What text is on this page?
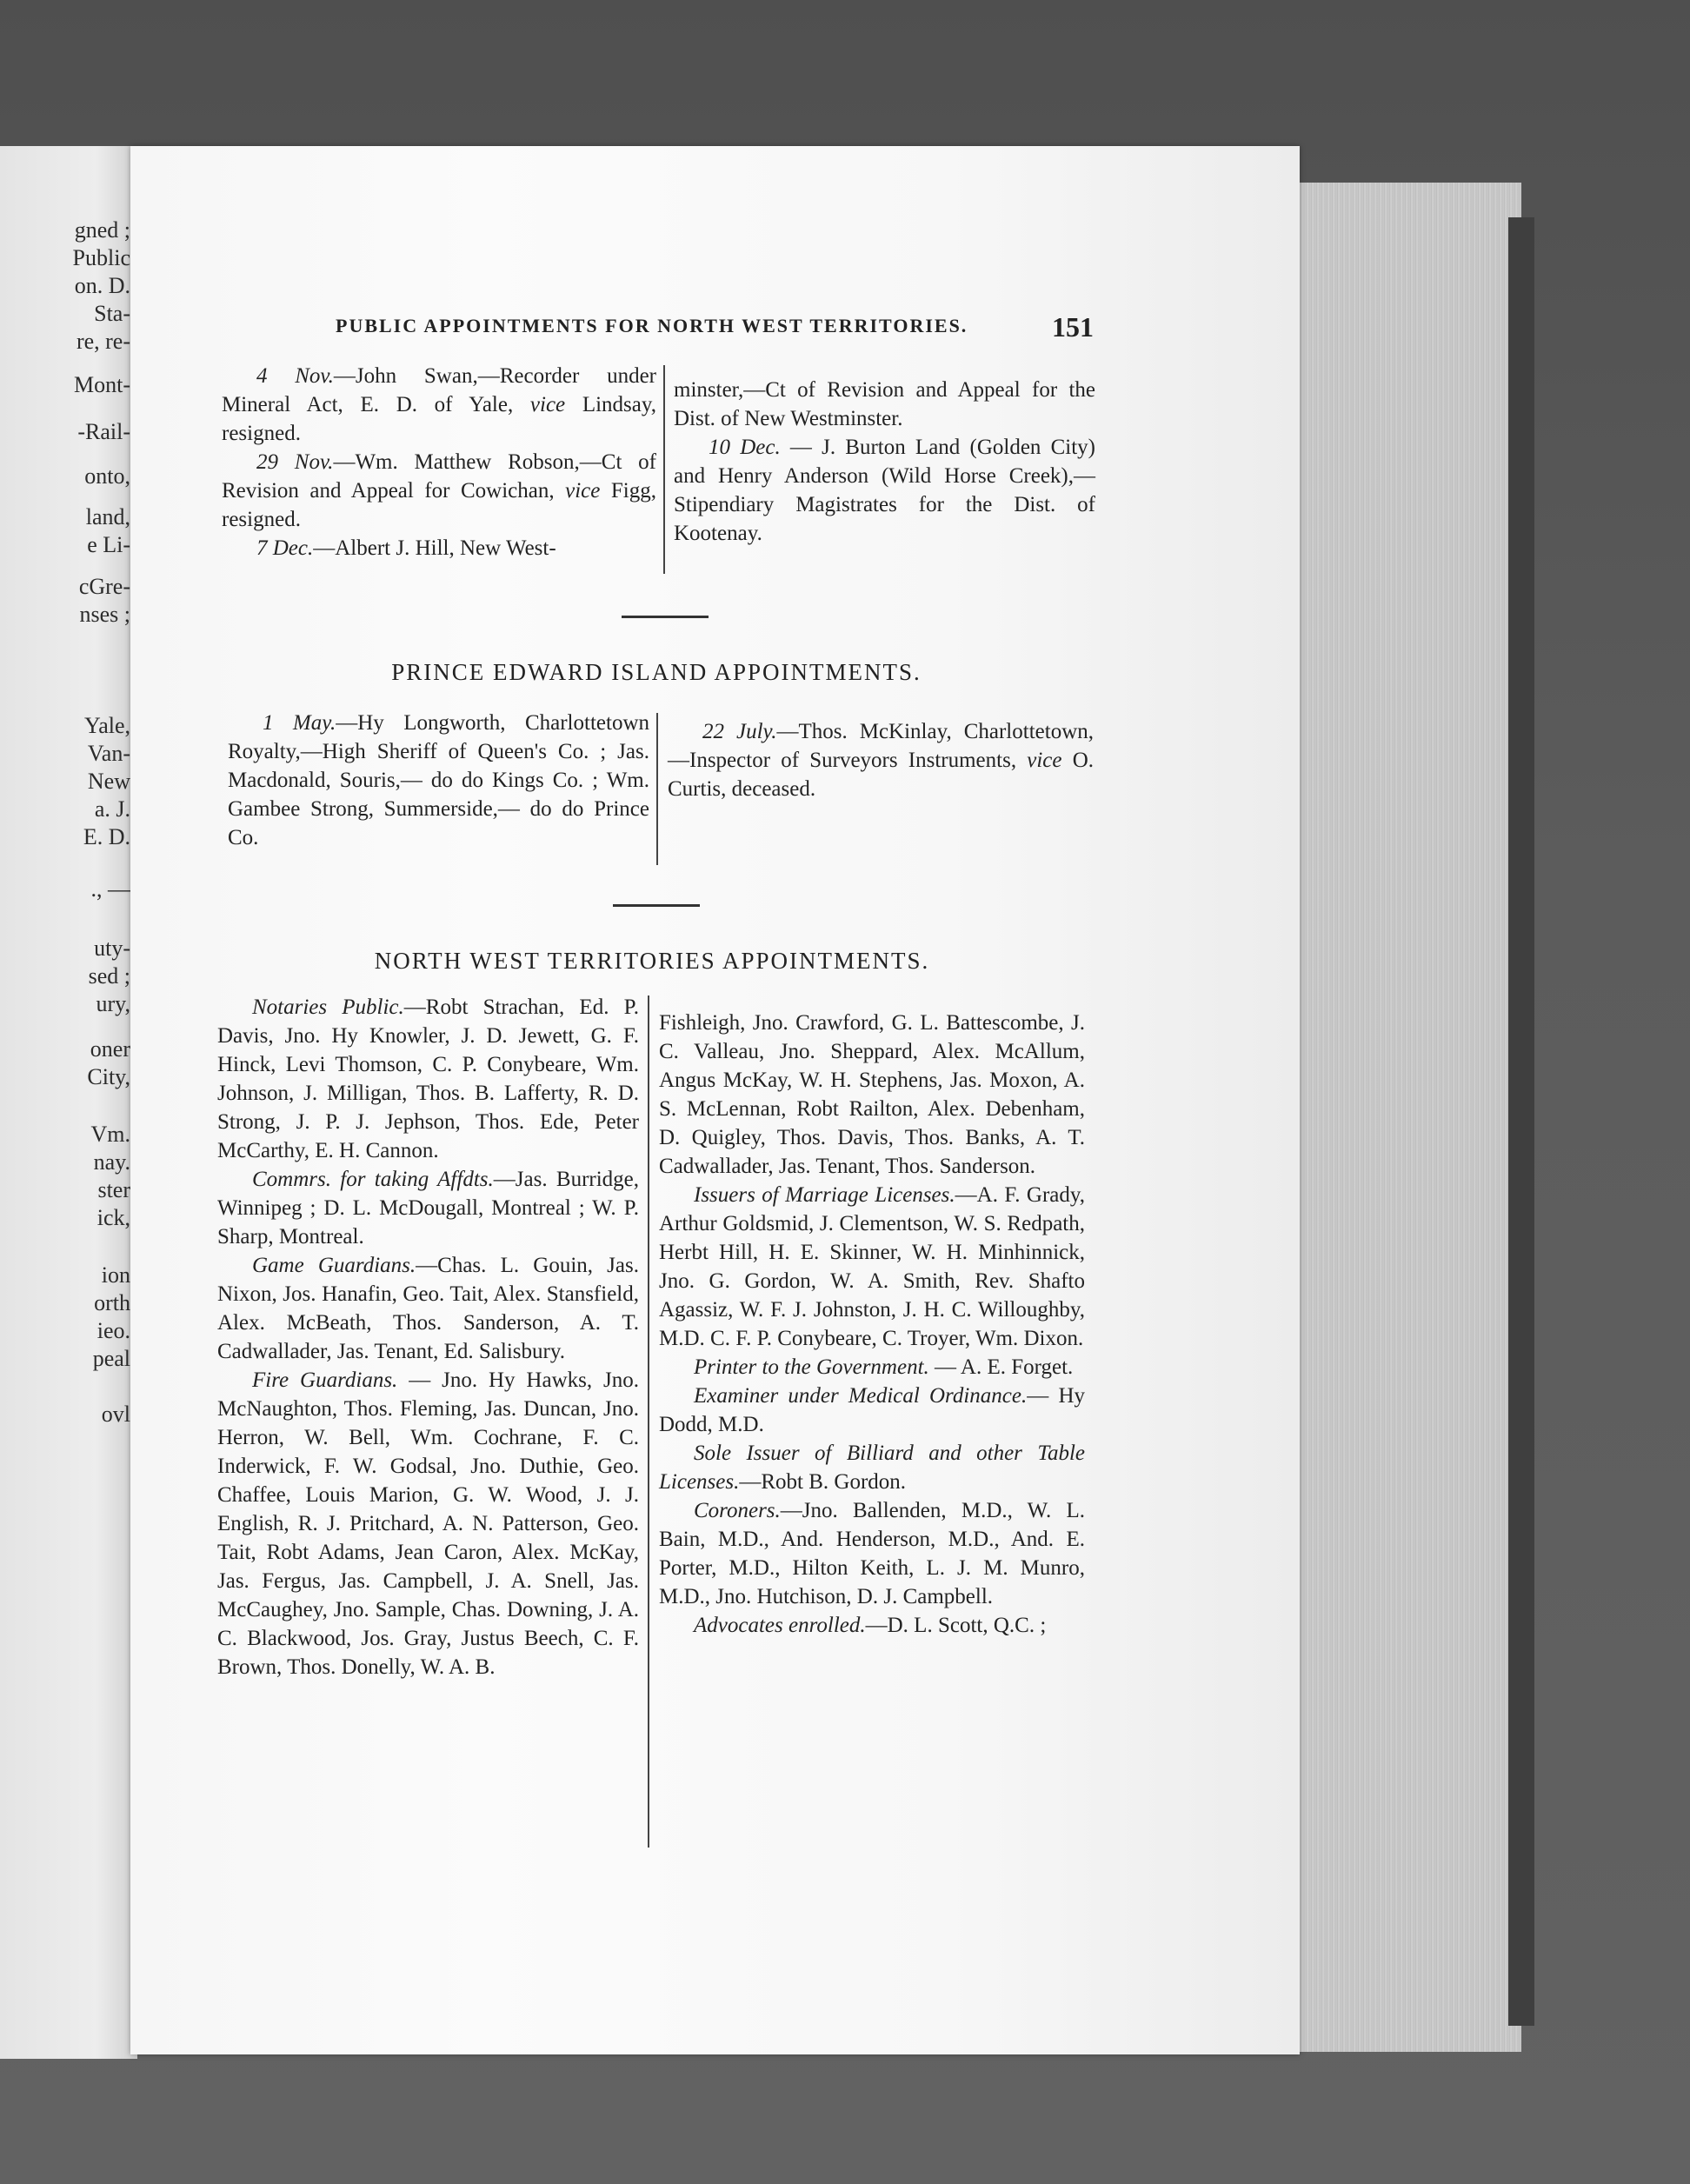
gned ;
Public
on. D.
Sta-
re, re-
Mont-
-Rail-
onto,
land,
e Li-
cGre-
nses ;
Yale,
Van-
New
a. J.
E. D.
., —
uty-
sed ;
ury,
oner
City,
Vm.
nay.
ster
ick,
ion
orth
ieo.
peal
ovl
PUBLIC APPOINTMENTS FOR NORTH WEST TERRITORIES.	151

4 Nov.—John Swan,—Recorder under Mineral Act, E. D. of Yale, vice Lindsay, resigned.

29 Nov.—Wm. Matthew Robson,—Ct of Revision and Appeal for Cowichan, vice Figg, resigned.

7 Dec.—Albert J. Hill, New West-

minster,—Ct of Revision and Appeal for the Dist. of New Westminster.

10 Dec. — J. Burton Land (Golden City) and Henry Anderson (Wild Horse Creek),—Stipendiary Magistrates for the Dist. of Kootenay.

PRINCE EDWARD ISLAND APPOINTMENTS.

1 May.—Hy Longworth, Charlottetown Royalty,—High Sheriff of Queen's Co. ; Jas. Macdonald, Souris,— do do Kings Co. ; Wm. Gambee Strong, Summerside,— do do Prince Co.

22 July.—Thos. McKinlay, Charlottetown,—Inspector of Surveyors Instruments, vice O. Curtis, deceased.

NORTH WEST TERRITORIES APPOINTMENTS.

Notaries Public.—Robt Strachan, Ed. P. Davis, Jno. Hy Knowler, J. D. Jewett, G. F. Hinck, Levi Thomson, C. P. Conybeare, Wm. Johnson, J. Milligan, Thos. B. Lafferty, R. D. Strong, J. P. J. Jephson, Thos. Ede, Peter McCarthy, E. H. Cannon.

Commrs. for taking Affdts.—Jas. Burridge, Winnipeg ; D. L. McDougall, Montreal ; W. P. Sharp, Montreal.

Game Guardians.—Chas. L. Gouin, Jas. Nixon, Jos. Hanafin, Geo. Tait, Alex. Stansfield, Alex. McBeath, Thos. Sanderson, A. T. Cadwallader, Jas. Tenant, Ed. Salisbury.

Fire Guardians. — Jno. Hy Hawks, Jno. McNaughton, Thos. Fleming, Jas. Duncan, Jno. Herron, W. Bell, Wm. Cochrane, F. C. Inderwick, F. W. Godsal, Jno. Duthie, Geo. Chaffee, Louis Marion, G. W. Wood, J. J. English, R. J. Pritchard, A. N. Patterson, Geo. Tait, Robt Adams, Jean Caron, Alex. McKay, Jas. Fergus, Jas. Campbell, J. A. Snell, Jas. McCaughey, Jno. Sample, Chas. Downing, J. A. C. Blackwood, Jos. Gray, Justus Beech, C. F. Brown, Thos. Donelly, W. A. B.

Fishleigh, Jno. Crawford, G. L. Battescombe, J. C. Valleau, Jno. Sheppard, Alex. McAllum, Angus McKay, W. H. Stephens, Jas. Moxon, A. S. McLennan, Robt Railton, Alex. Debenham, D. Quigley, Thos. Davis, Thos. Banks, A. T. Cadwallader, Jas. Tenant, Thos. Sanderson.

Issuers of Marriage Licenses.—A. F. Grady, Arthur Goldsmid, J. Clementson, W. S. Redpath, Herbt Hill, H. E. Skinner, W. H. Minhinnick, Jno. G. Gordon, W. A. Smith, Rev. Shafto Agassiz, W. F. J. Johnston, J. H. C. Willoughby, M.D. C. F. P. Conybeare, C. Troyer, Wm. Dixon.

Printer to the Government. — A. E. Forget.

Examiner under Medical Ordinance.— Hy Dodd, M.D.

Sole Issuer of Billiard and other Table Licenses.—Robt B. Gordon.

Coroners.—Jno. Ballenden, M.D., W. L. Bain, M.D., And. Henderson, M.D., And. E. Porter, M.D., Hilton Keith, L. J. M. Munro, M.D., Jno. Hutchison, D. J. Campbell.

Advocates enrolled.—D. L. Scott, Q.C. ;
